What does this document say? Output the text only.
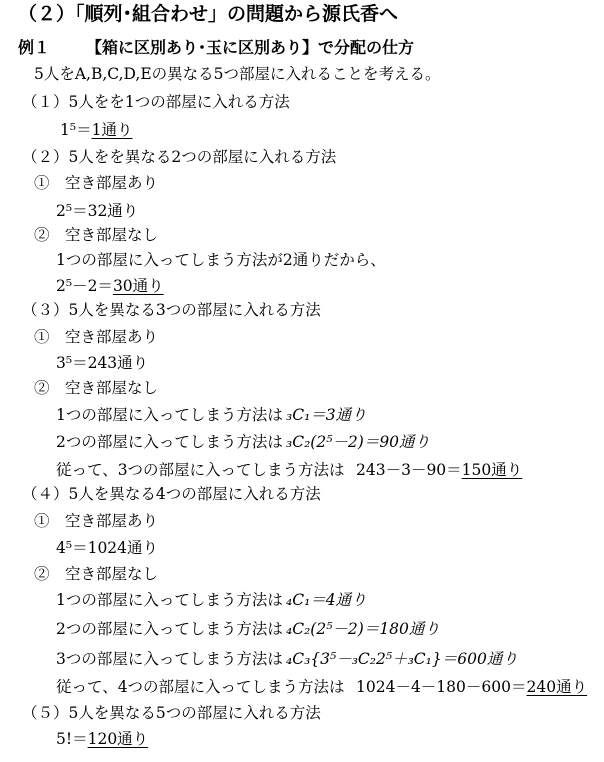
（２）「順列･組合わせ」の問題から源氏香へ
例１ 【箱に区別あり･玉に区別あり】で分配の仕方
5人をA,B,C,D,Eの異なる5つ部屋に入れることを考える。
（１）5人をを1つの部屋に入れる方法
1⁵＝1通り
（２）5人をを異なる2つの部屋に入れる方法
①　空き部屋あり
2⁵＝32通り
②　空き部屋なし
1つの部屋に入ってしまう方法が2通りだから、
2⁵－2＝30通り
（３）5人を異なる3つの部屋に入れる方法
①　空き部屋あり
3⁵＝243通り
②　空き部屋なし
1つの部屋に入ってしまう方法は ₃C₁＝3通り
2つの部屋に入ってしまう方法は ₃C₂(2⁵－2)＝90通り
従って、3つの部屋に入ってしまう方法は 243－3－90＝150通り
（４）5人を異なる4つの部屋に入れる方法
①　空き部屋あり
4⁵＝1024通り
②　空き部屋なし
1つの部屋に入ってしまう方法は ₄C₁＝4通り
2つの部屋に入ってしまう方法は ₄C₂(2⁵－2)＝180通り
3つの部屋に入ってしまう方法は ₄C₃{3⁵－₃C₂2⁵＋₃C₁}＝600通り
従って、4つの部屋に入ってしまう方法は 1024－4－180－600＝240通り
（５）5人を異なる5つの部屋に入れる方法
5!＝120通り
